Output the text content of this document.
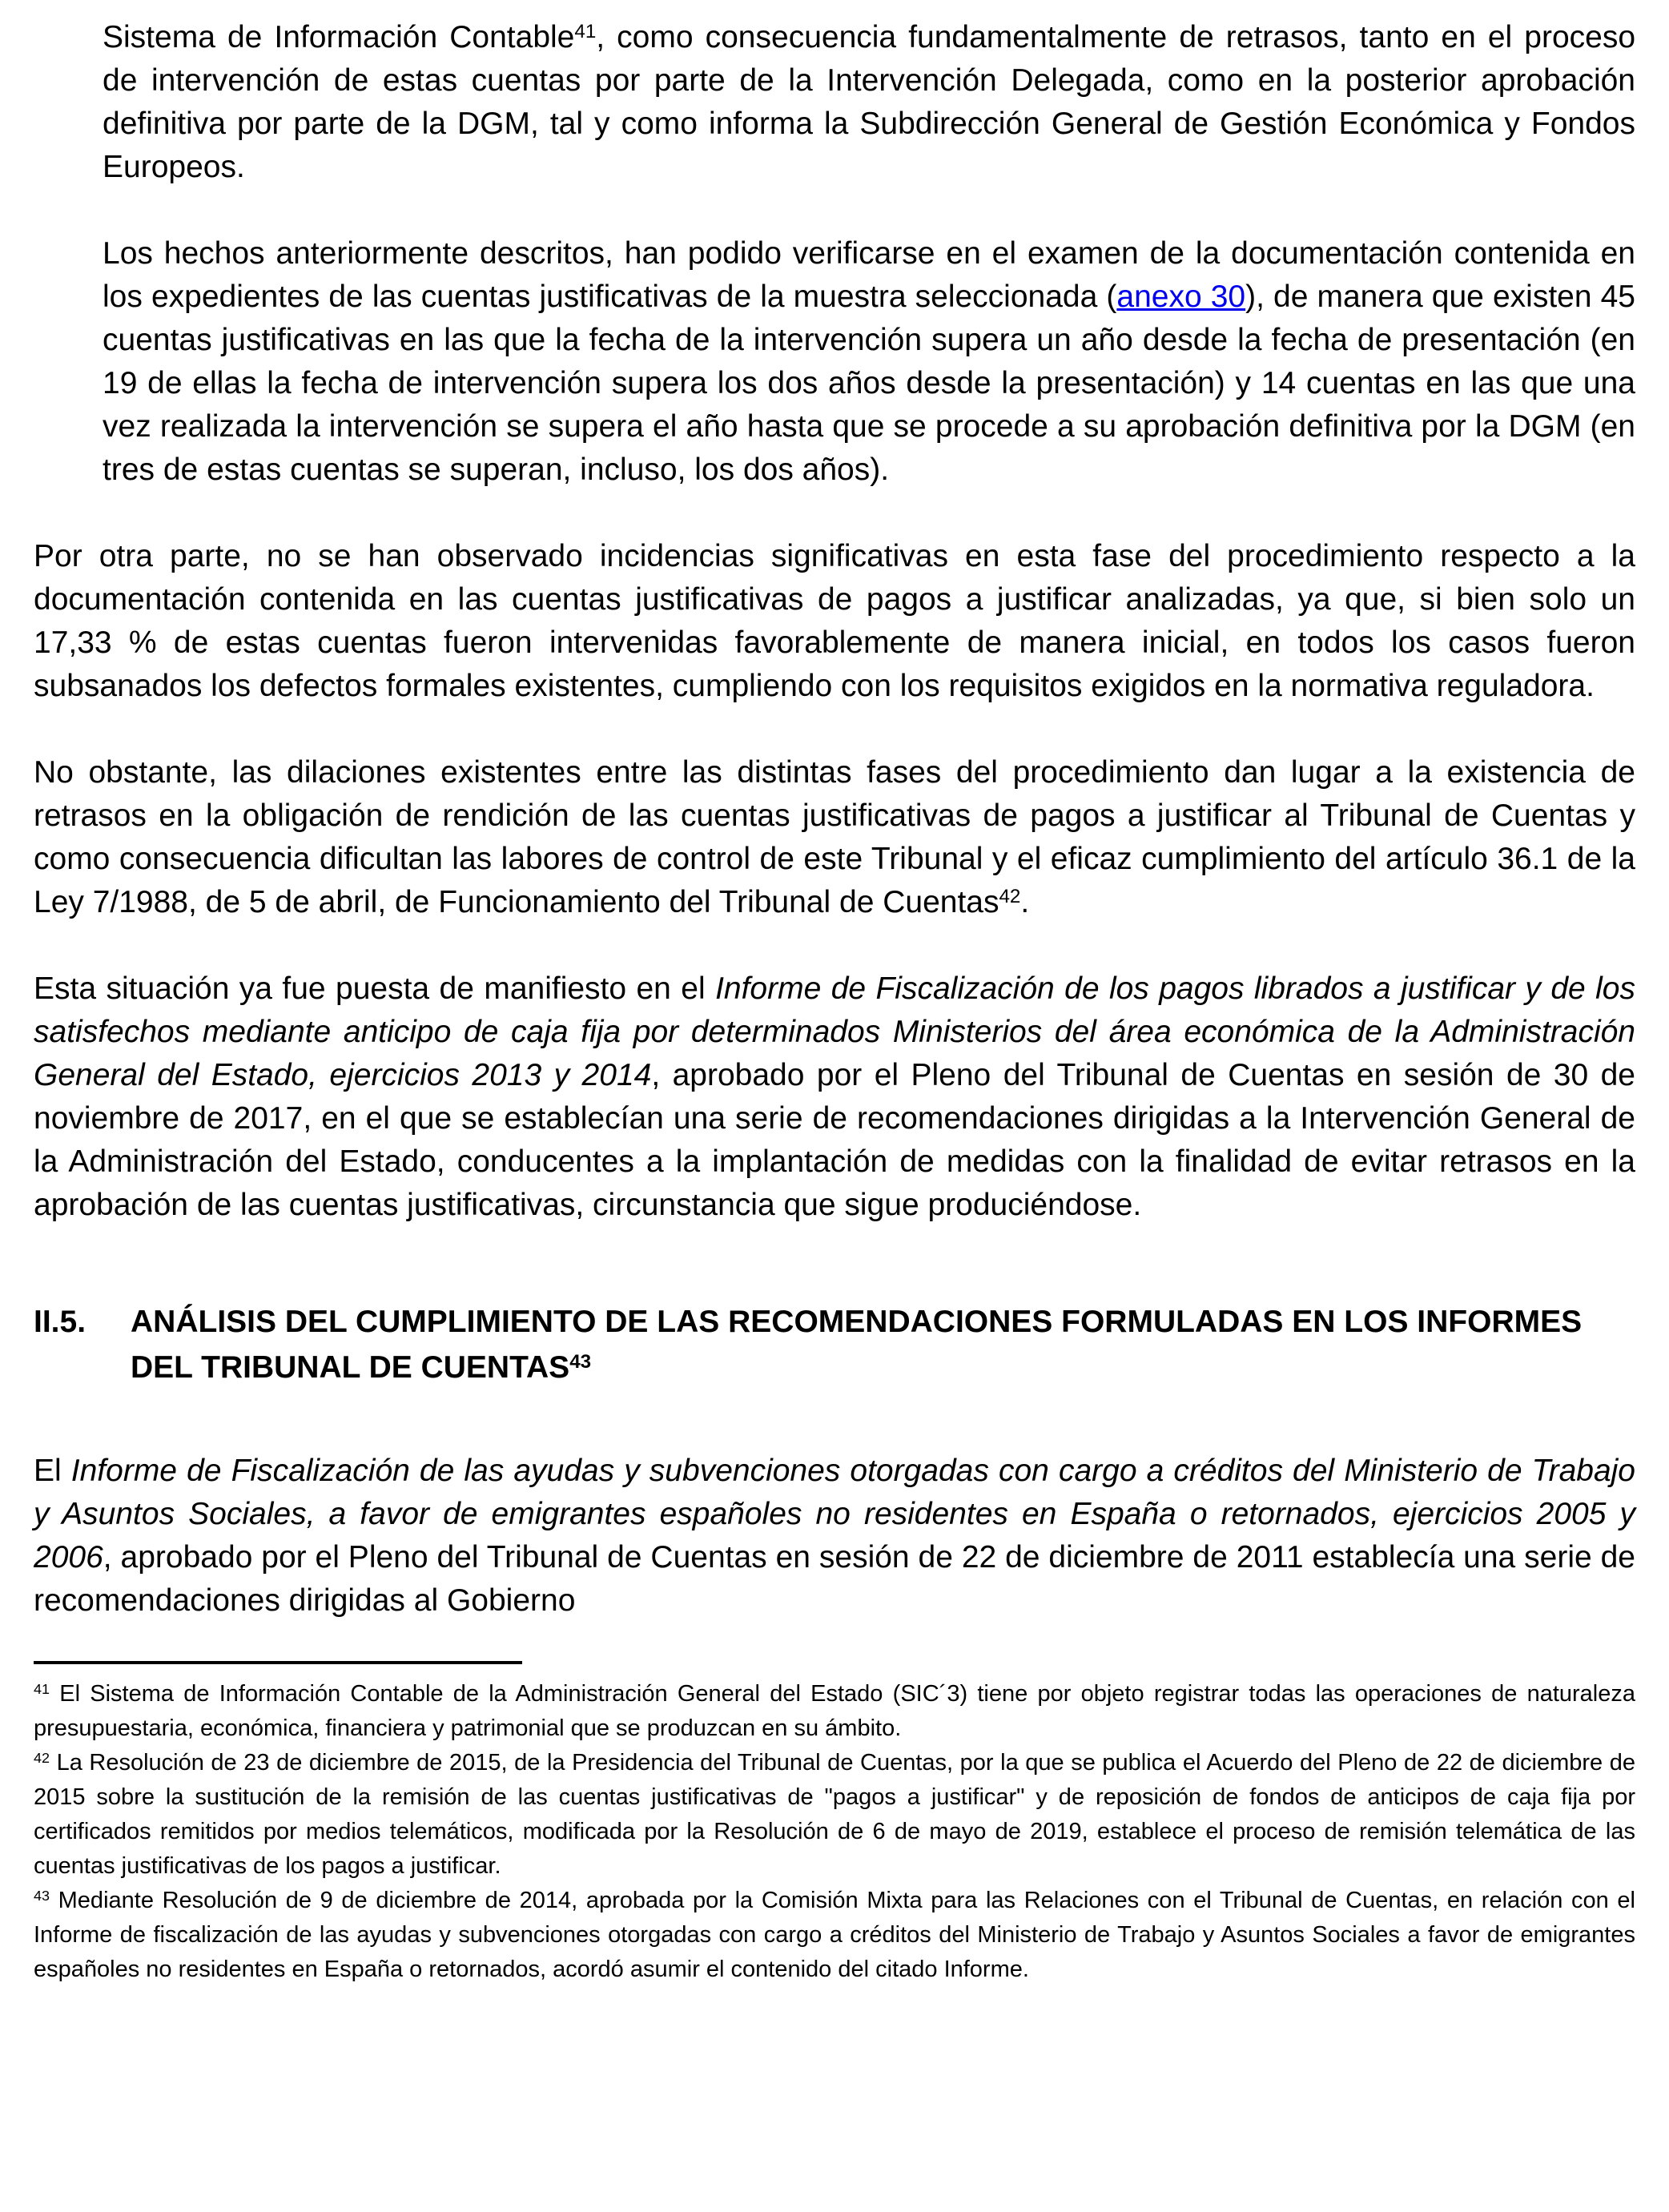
Sistema de Información Contable$^{41}$, como consecuencia fundamentalmente de retrasos, tanto en el proceso de intervención de estas cuentas por parte de la Intervención Delegada, como en la posterior aprobación definitiva por parte de la DGM, tal y como informa la Subdirección General de Gestión Económica y Fondos Europeos.

Los hechos anteriormente descritos, han podido verificarse en el examen de la documentación contenida en los expedientes de las cuentas justificativas de la muestra seleccionada (anexo 30), de manera que existen 45 cuentas justificativas en las que la fecha de la intervención supera un año desde la fecha de presentación (en 19 de ellas la fecha de intervención supera los dos años desde la presentación) y 14 cuentas en las que una vez realizada la intervención se supera el año hasta que se procede a su aprobación definitiva por la DGM (en tres de estas cuentas se superan, incluso, los dos años).

Por otra parte, no se han observado incidencias significativas en esta fase del procedimiento respecto a la documentación contenida en las cuentas justificativas de pagos a justificar analizadas, ya que, si bien solo un 17,33 % de estas cuentas fueron intervenidas favorablemente de manera inicial, en todos los casos fueron subsanados los defectos formales existentes, cumpliendo con los requisitos exigidos en la normativa reguladora.

No obstante, las dilaciones existentes entre las distintas fases del procedimiento dan lugar a la existencia de retrasos en la obligación de rendición de las cuentas justificativas de pagos a justificar al Tribunal de Cuentas y como consecuencia dificultan las labores de control de este Tribunal y el eficaz cumplimiento del artículo 36.1 de la Ley 7/1988, de 5 de abril, de Funcionamiento del Tribunal de Cuentas$^{42}$.

Esta situación ya fue puesta de manifiesto en el Informe de Fiscalización de los pagos librados a justificar y de los satisfechos mediante anticipo de caja fija por determinados Ministerios del área económica de la Administración General del Estado, ejercicios 2013 y 2014, aprobado por el Pleno del Tribunal de Cuentas en sesión de 30 de noviembre de 2017, en el que se establecían una serie de recomendaciones dirigidas a la Intervención General de la Administración del Estado, conducentes a la implantación de medidas con la finalidad de evitar retrasos en la aprobación de las cuentas justificativas, circunstancia que sigue produciéndose.

II.5. ANÁLISIS DEL CUMPLIMIENTO DE LAS RECOMENDACIONES FORMULADAS EN LOS INFORMES DEL TRIBUNAL DE CUENTAS$^{43}$

El Informe de Fiscalización de las ayudas y subvenciones otorgadas con cargo a créditos del Ministerio de Trabajo y Asuntos Sociales, a favor de emigrantes españoles no residentes en España o retornados, ejercicios 2005 y 2006, aprobado por el Pleno del Tribunal de Cuentas en sesión de 22 de diciembre de 2011 establecía una serie de recomendaciones dirigidas al Gobierno

$^{41}$ El Sistema de Información Contable de la Administración General del Estado (SIC´3) tiene por objeto registrar todas las operaciones de naturaleza presupuestaria, económica, financiera y patrimonial que se produzcan en su ámbito.
$^{42}$ La Resolución de 23 de diciembre de 2015, de la Presidencia del Tribunal de Cuentas, por la que se publica el Acuerdo del Pleno de 22 de diciembre de 2015 sobre la sustitución de la remisión de las cuentas justificativas de "pagos a justificar" y de reposición de fondos de anticipos de caja fija por certificados remitidos por medios telemáticos, modificada por la Resolución de 6 de mayo de 2019, establece el proceso de remisión telemática de las cuentas justificativas de los pagos a justificar.
$^{43}$ Mediante Resolución de 9 de diciembre de 2014, aprobada por la Comisión Mixta para las Relaciones con el Tribunal de Cuentas, en relación con el Informe de fiscalización de las ayudas y subvenciones otorgadas con cargo a créditos del Ministerio de Trabajo y Asuntos Sociales a favor de emigrantes españoles no residentes en España o retornados, acordó asumir el contenido del citado Informe.
